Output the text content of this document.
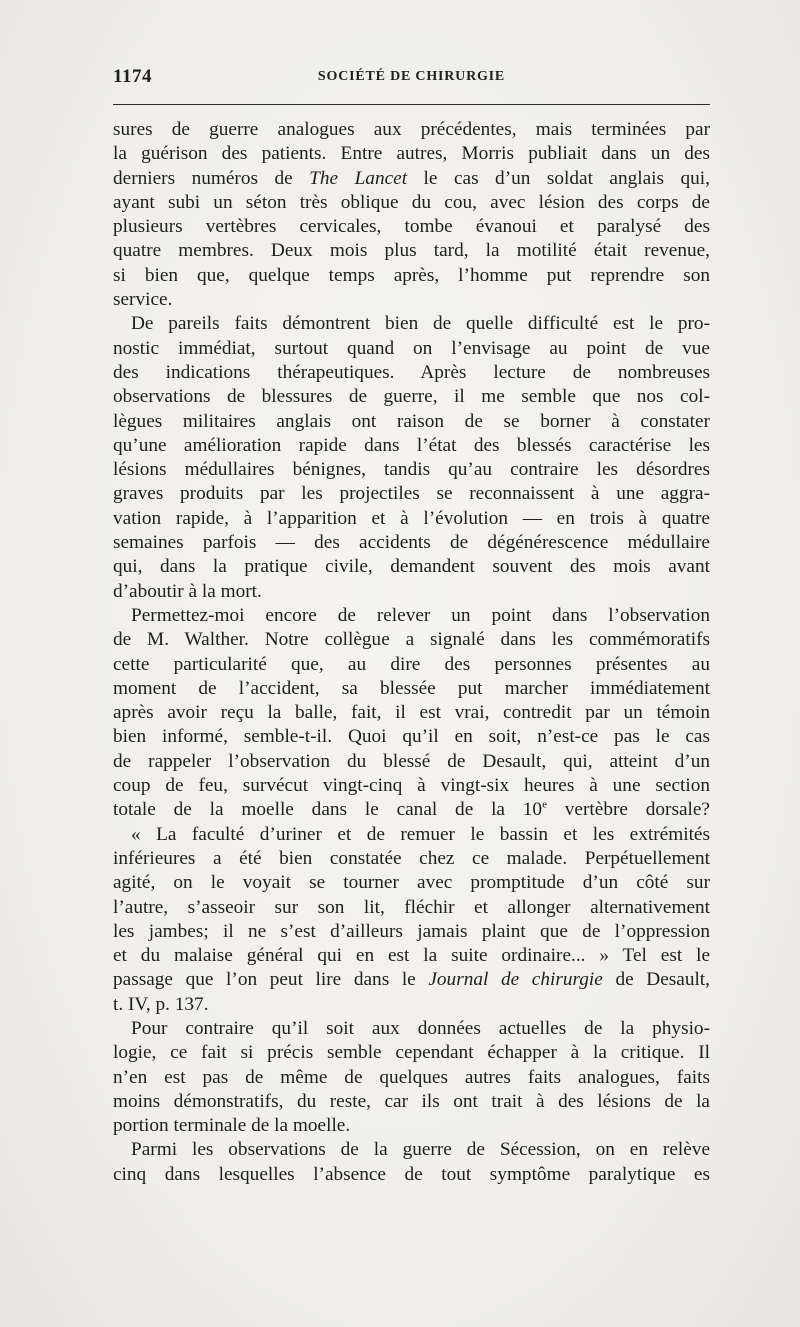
1174	SOCIÉTÉ DE CHIRURGIE
sures de guerre analogues aux précédentes, mais terminées par
la guérison des patients. Entre autres, Morris publiait dans un des
derniers numéros de The Lancet le cas d’un soldat anglais qui,
ayant subi un séton très oblique du cou, avec lésion des corps de
plusieurs vertèbres cervicales, tombe évanoui et paralysé des
quatre membres. Deux mois plus tard, la motilité était revenue,
si bien que, quelque temps après, l’homme put reprendre son
service.
De pareils faits démontrent bien de quelle difficulté est le pro-
nostic immédiat, surtout quand on l’envisage au point de vue
des indications thérapeutiques. Après lecture de nombreuses
observations de blessures de guerre, il me semble que nos col-
lègues militaires anglais ont raison de se borner à constater
qu’une amélioration rapide dans l’état des blessés caractérise les
lésions médullaires bénignes, tandis qu’au contraire les désordres
graves produits par les projectiles se reconnaissent à une aggra-
vation rapide, à l’apparition et à l’évolution — en trois à quatre
semaines parfois — des accidents de dégénérescence médullaire
qui, dans la pratique civile, demandent souvent des mois avant
d’aboutir à la mort.
Permettez-moi encore de relever un point dans l’observation
de M. Walther. Notre collègue a signalé dans les commémoratifs
cette particularité que, au dire des personnes présentes au
moment de l’accident, sa blessée put marcher immédiatement
après avoir reçu la balle, fait, il est vrai, contredit par un témoin
bien informé, semble-t-il. Quoi qu’il en soit, n’est-ce pas le cas
de rappeler l’observation du blessé de Desault, qui, atteint d’un
coup de feu, survécut vingt-cinq à vingt-six heures à une section
totale de la moelle dans le canal de la 10e vertèbre dorsale?
« La faculté d’uriner et de remuer le bassin et les extrémités
inférieures a été bien constatée chez ce malade. Perpétuellement
agité, on le voyait se tourner avec promptitude d’un côté sur
l’autre, s’asseoir sur son lit, fléchir et allonger alternativement
les jambes; il ne s’est d’ailleurs jamais plaint que de l’oppression
et du malaise général qui en est la suite ordinaire... » Tel est le
passage que l’on peut lire dans le Journal de chirurgie de Desault,
t. IV, p. 137.
Pour contraire qu’il soit aux données actuelles de la physio-
logie, ce fait si précis semble cependant échapper à la critique. Il
n’en est pas de même de quelques autres faits analogues, faits
moins démonstratifs, du reste, car ils ont trait à des lésions de la
portion terminale de la moelle.
Parmi les observations de la guerre de Sécession, on en relève
cinq dans lesquelles l’absence de tout symptôme paralytique es
